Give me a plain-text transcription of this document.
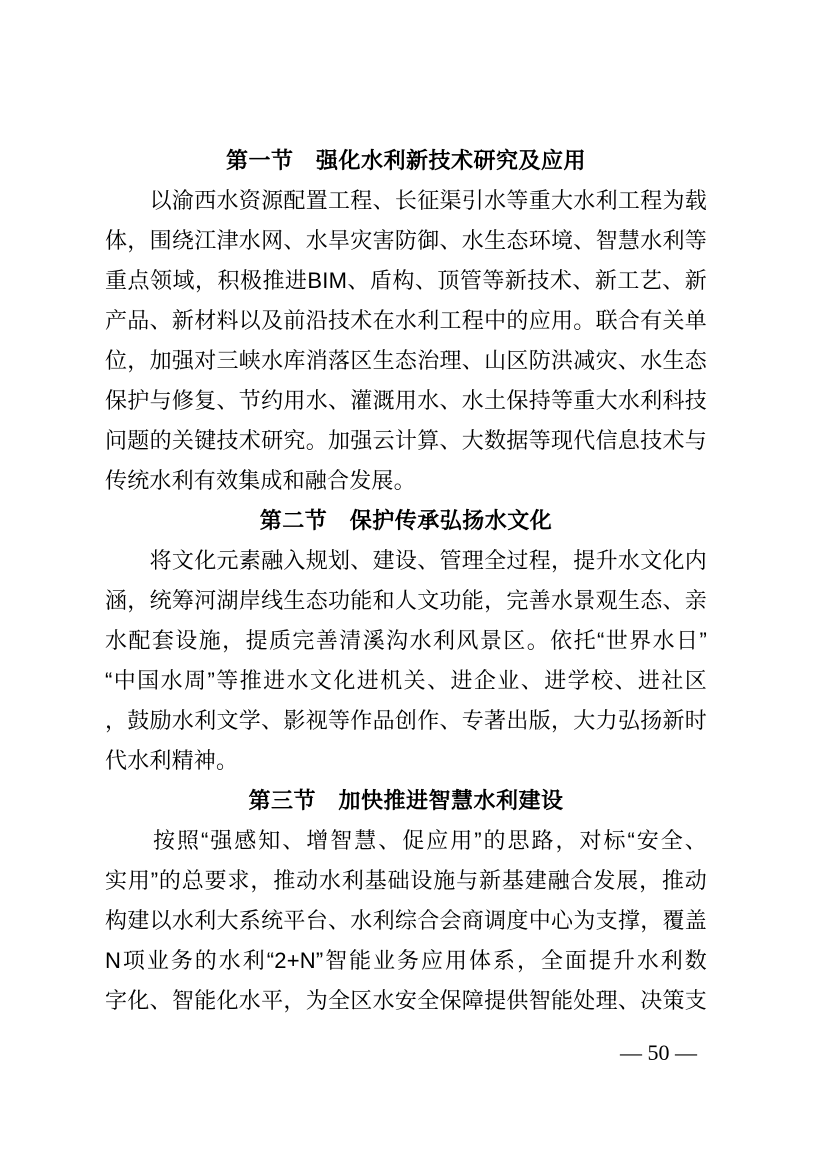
第一节　强化水利新技术研究及应用
　　以渝西水资源配置工程、长征渠引水等重大水利工程为载
体，围绕江津水网、水旱灾害防御、水生态环境、智慧水利等
重点领域，积极推进BIM、盾构、顶管等新技术、新工艺、新
产品、新材料以及前沿技术在水利工程中的应用。联合有关单
位，加强对三峡水库消落区生态治理、山区防洪减灾、水生态
保护与修复、节约用水、灌溉用水、水土保持等重大水利科技
问题的关键技术研究。加强云计算、大数据等现代信息技术与
传统水利有效集成和融合发展。
第二节　保护传承弘扬水文化
　　将文化元素融入规划、建设、管理全过程，提升水文化内
涵，统筹河湖岸线生态功能和人文功能，完善水景观生态、亲
水配套设施，提质完善清溪沟水利风景区。依托“世界水日”
“中国水周”等推进水文化进机关、进企业、进学校、进社区
，鼓励水利文学、影视等作品创作、专著出版，大力弘扬新时
代水利精神。
第三节　加快推进智慧水利建设
　　按照“强感知、增智慧、促应用”的思路，对标“安全、
实用”的总要求，推动水利基础设施与新基建融合发展，推动
构建以水利大系统平台、水利综合会商调度中心为支撑，覆盖
N项业务的水利“2+N”智能业务应用体系，全面提升水利数
字化、智能化水平，为全区水安全保障提供智能处理、决策支
— 50 —
